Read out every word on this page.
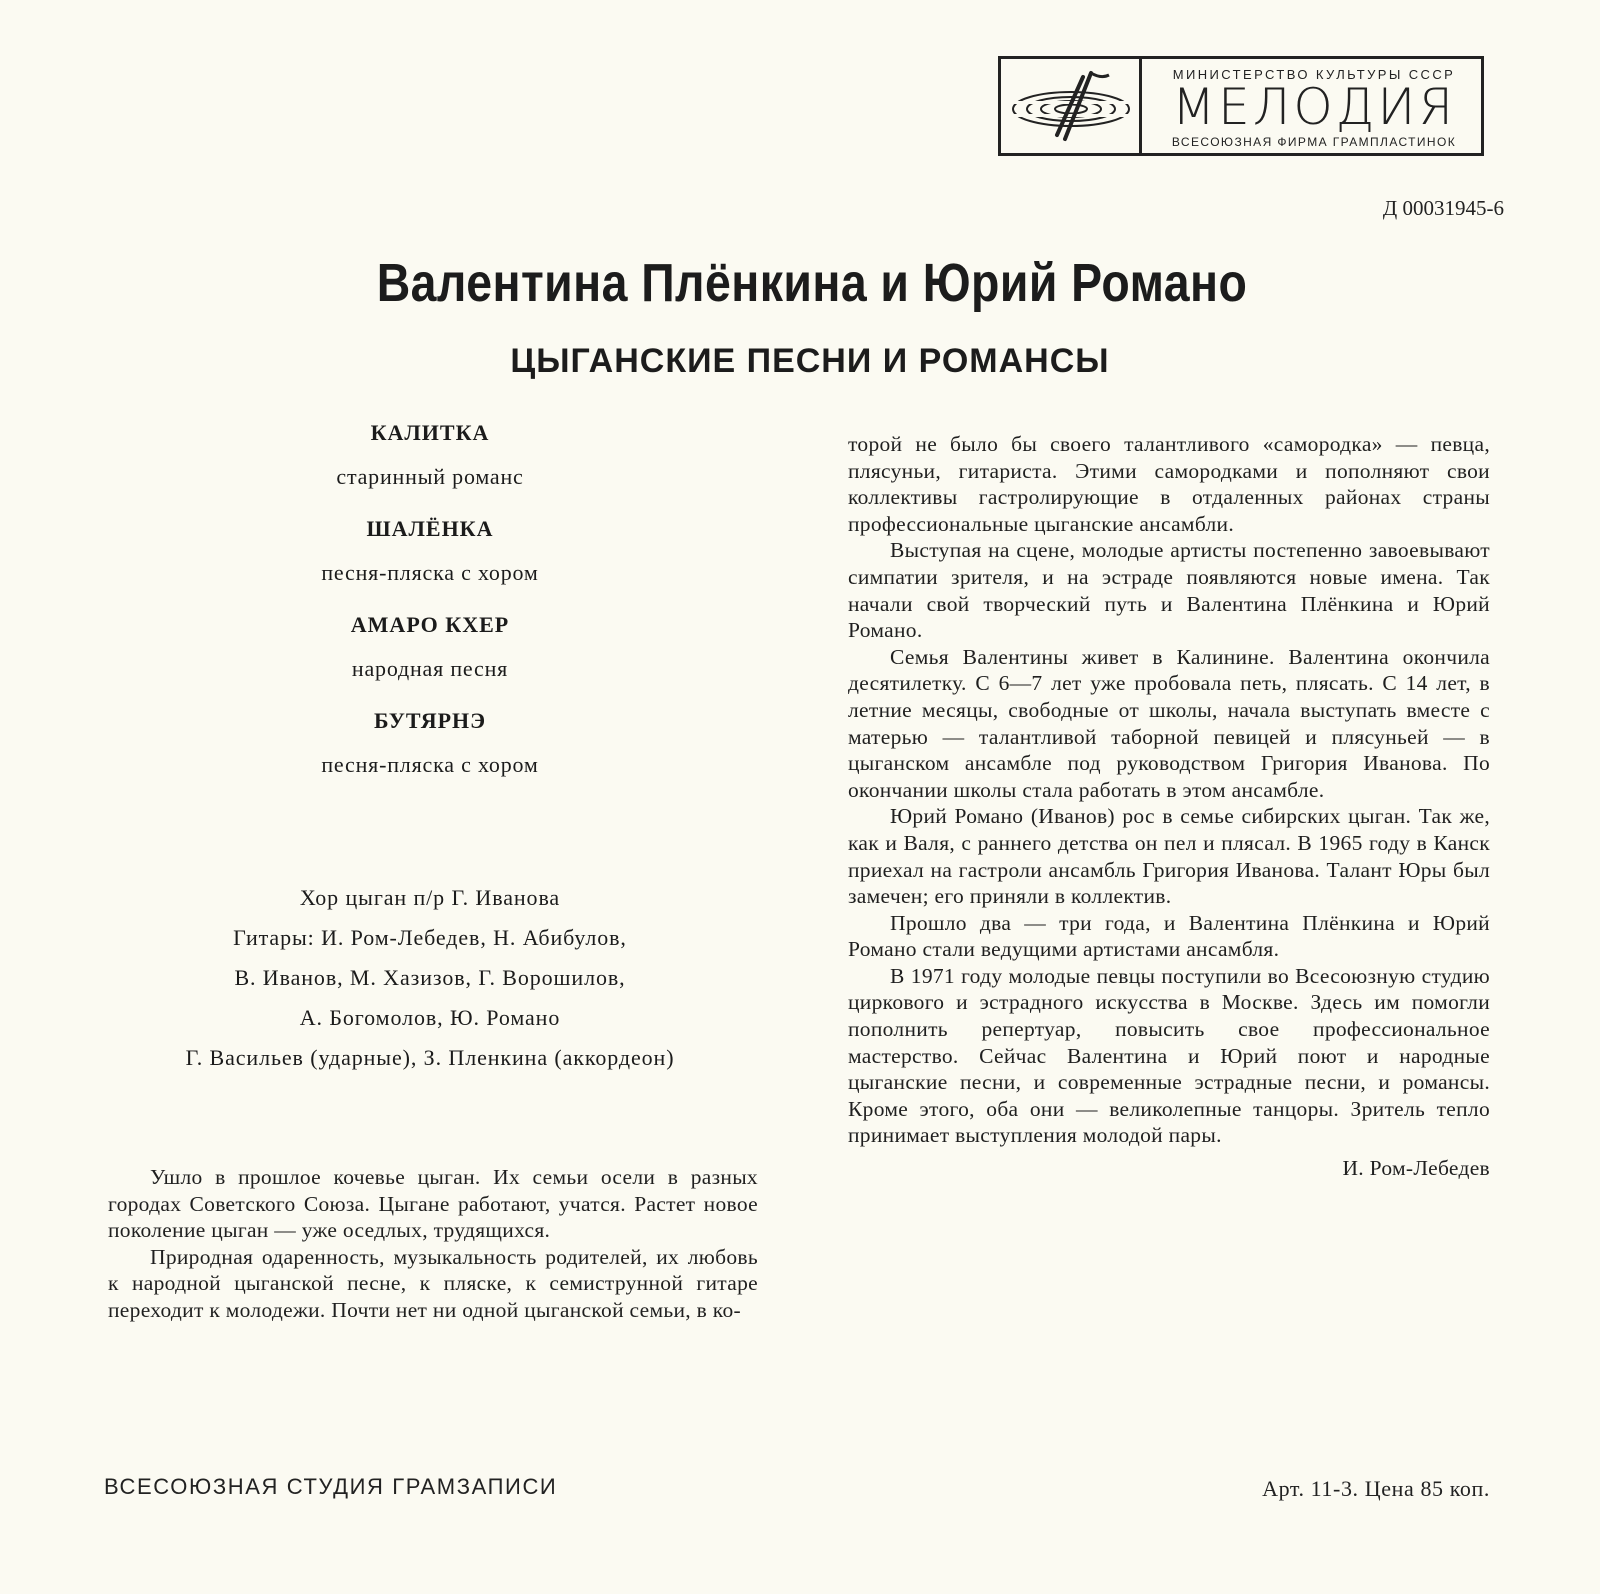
МИНИСТЕРСТВО КУЛЬТУРЫ СССР
МЕЛОДИЯ
ВСЕСОЮЗНАЯ ФИРМА ГРАМПЛАСТИНОК
Д 00031945-6
Валентина Плёнкина и Юрий Романо
ЦЫГАНСКИЕ ПЕСНИ И РОМАНСЫ
КАЛИТКА
старинный романс
ШАЛЁНКА
песня-пляска с хором
АМАРО КХЕР
народная песня
БУТЯРНЭ
песня-пляска с хором
Хор цыган п/р Г. Иванова
Гитары: И. Ром-Лебедев, Н. Абибулов,
В. Иванов, М. Хазизов, Г. Ворошилов,
А. Богомолов, Ю. Романо
Г. Васильев (ударные), З. Пленкина (аккордеон)

Ушло в прошлое кочевье цыган. Их семьи осели в разных городах Советского Союза. Цыгане работают, учатся. Растет новое поколение цыган — уже оседлых, трудящихся.

Природная одаренность, музыкальность родителей, их любовь к народной цыганской песне, к пляске, к семиструнной гитаре переходит к молодежи. Почти нет ни одной цыганской семьи, в ко-

торой не было бы своего талантливого «самородка» — певца, плясуньи, гитариста. Этими самородками и пополняют свои коллективы гастролирующие в отдаленных районах страны профессиональные цыганские ансамбли.

Выступая на сцене, молодые артисты постепенно завоевывают симпатии зрителя, и на эстраде появляются новые имена. Так начали свой творческий путь и Валентина Плёнкина и Юрий Романо.

Семья Валентины живет в Калинине. Валентина окончила десятилетку. С 6—7 лет уже пробовала петь, плясать. С 14 лет, в летние месяцы, свободные от школы, начала выступать вместе с матерью — талантливой таборной певицей и плясуньей — в цыганском ансамбле под руководством Григория Иванова. По окончании школы стала работать в этом ансамбле.

Юрий Романо (Иванов) рос в семье сибирских цыган. Так же, как и Валя, с раннего детства он пел и плясал. В 1965 году в Канск приехал на гастроли ансамбль Григория Иванова. Талант Юры был замечен; его приняли в коллектив.

Прошло два — три года, и Валентина Плёнкина и Юрий Романо стали ведущими артистами ансамбля.

В 1971 году молодые певцы поступили во Всесоюзную студию циркового и эстрадного искусства в Москве. Здесь им помогли пополнить репертуар, повысить свое профессиональное мастерство. Сейчас Валентина и Юрий поют и народные цыганские песни, и современные эстрадные песни, и романсы. Кроме этого, оба они — великолепные танцоры. Зритель тепло принимает выступления молодой пары.

И. Ром-Лебедев

ВСЕСОЮЗНАЯ СТУДИЯ ГРАМЗАПИСИ	Арт. 11-3. Цена 85 коп.
